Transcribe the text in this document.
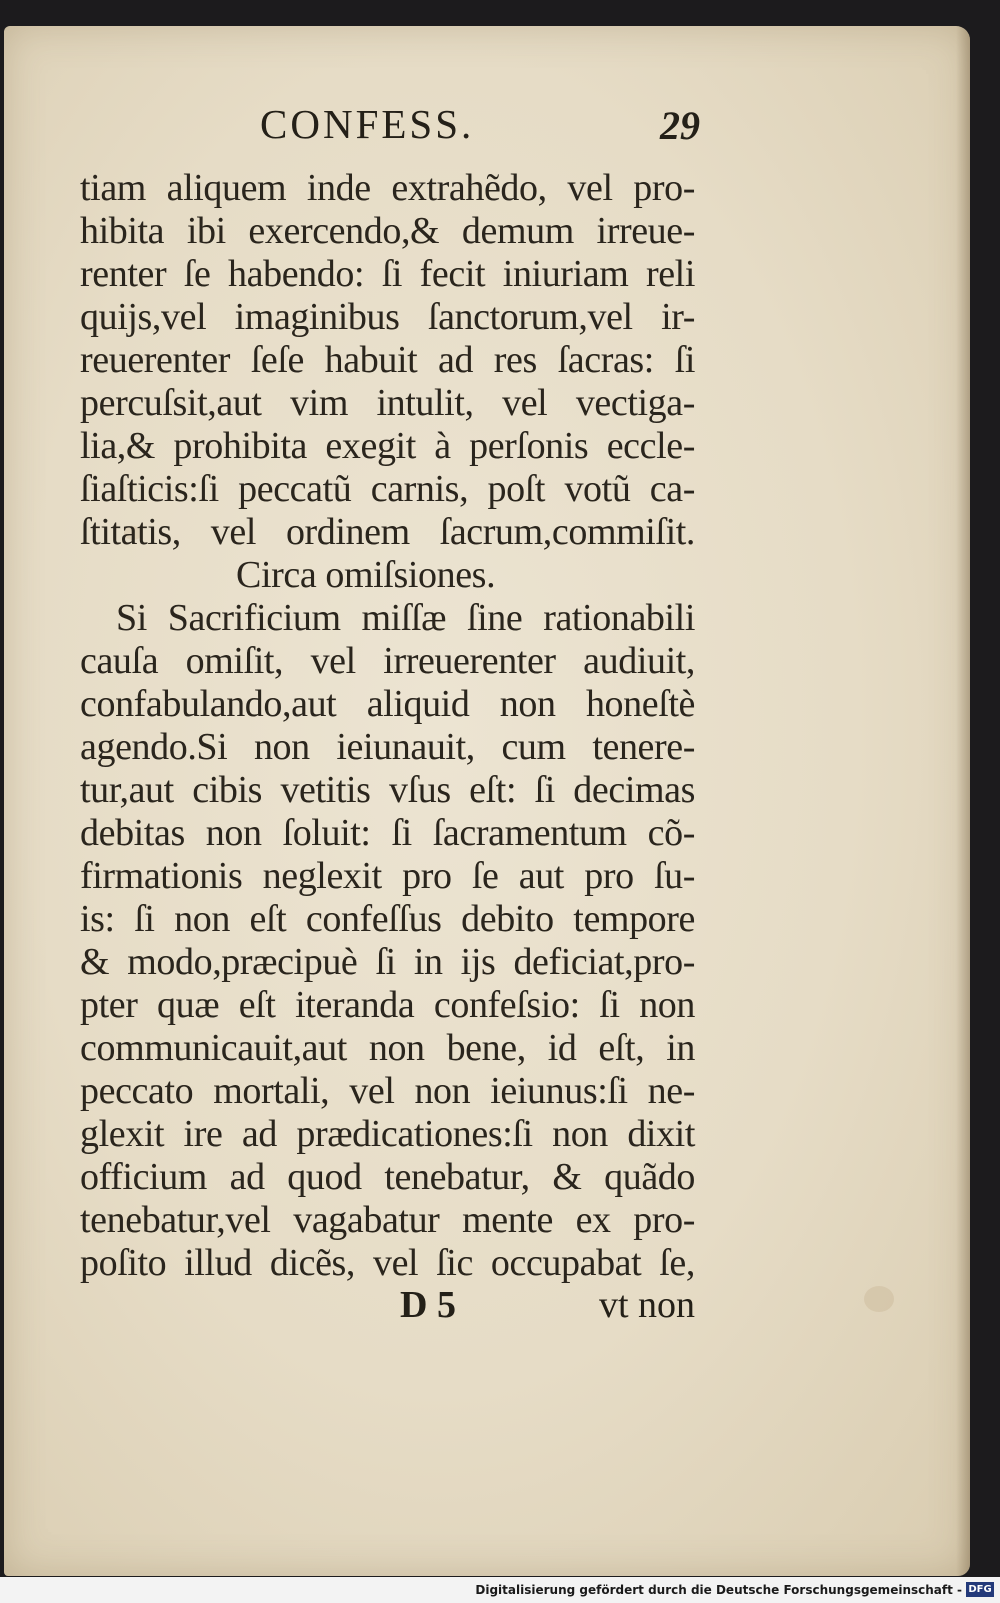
CONFESS.	29
tiam aliquem inde extrahẽdo, vel pro-
hibita ibi exercendo,& demum irreue-
renter ſe habendo: ſi fecit iniuriam reli
quijs,vel imaginibus ſanctorum,vel ir-
reuerenter ſeſe habuit ad res ſacras: ſi
percuſsit,aut vim intulit, vel vectiga-
lia,& prohibita exegit à perſonis eccle-
ſiaſticis:ſi peccatũ carnis, poſt votũ ca-
ſtitatis, vel ordinem ſacrum,commiſit.
Circa omiſsiones.
Si Sacrificium miſſæ ſine rationabili
cauſa omiſit, vel irreuerenter audiuit,
confabulando,aut aliquid non honeſtè
agendo.Si non ieiunauit, cum tenere-
tur,aut cibis vetitis vſus eſt: ſi decimas
debitas non ſoluit: ſi ſacramentum cõ-
firmationis neglexit pro ſe aut pro ſu-
is: ſi non eſt confeſſus debito tempore
& modo,præcipuè ſi in ijs deficiat,pro-
pter quæ eſt iteranda confeſsio: ſi non
communicauit,aut non bene, id eſt, in
peccato mortali, vel non ieiunus:ſi ne-
glexit ire ad prædicationes:ſi non dixit
officium ad quod tenebatur, & quãdo
tenebatur,vel vagabatur mente ex pro-
poſito illud dicẽs, vel ſic occupabat ſe,
D 5	vt non
Digitalisierung gefördert durch die Deutsche Forschungsgemeinschaft - DFG
